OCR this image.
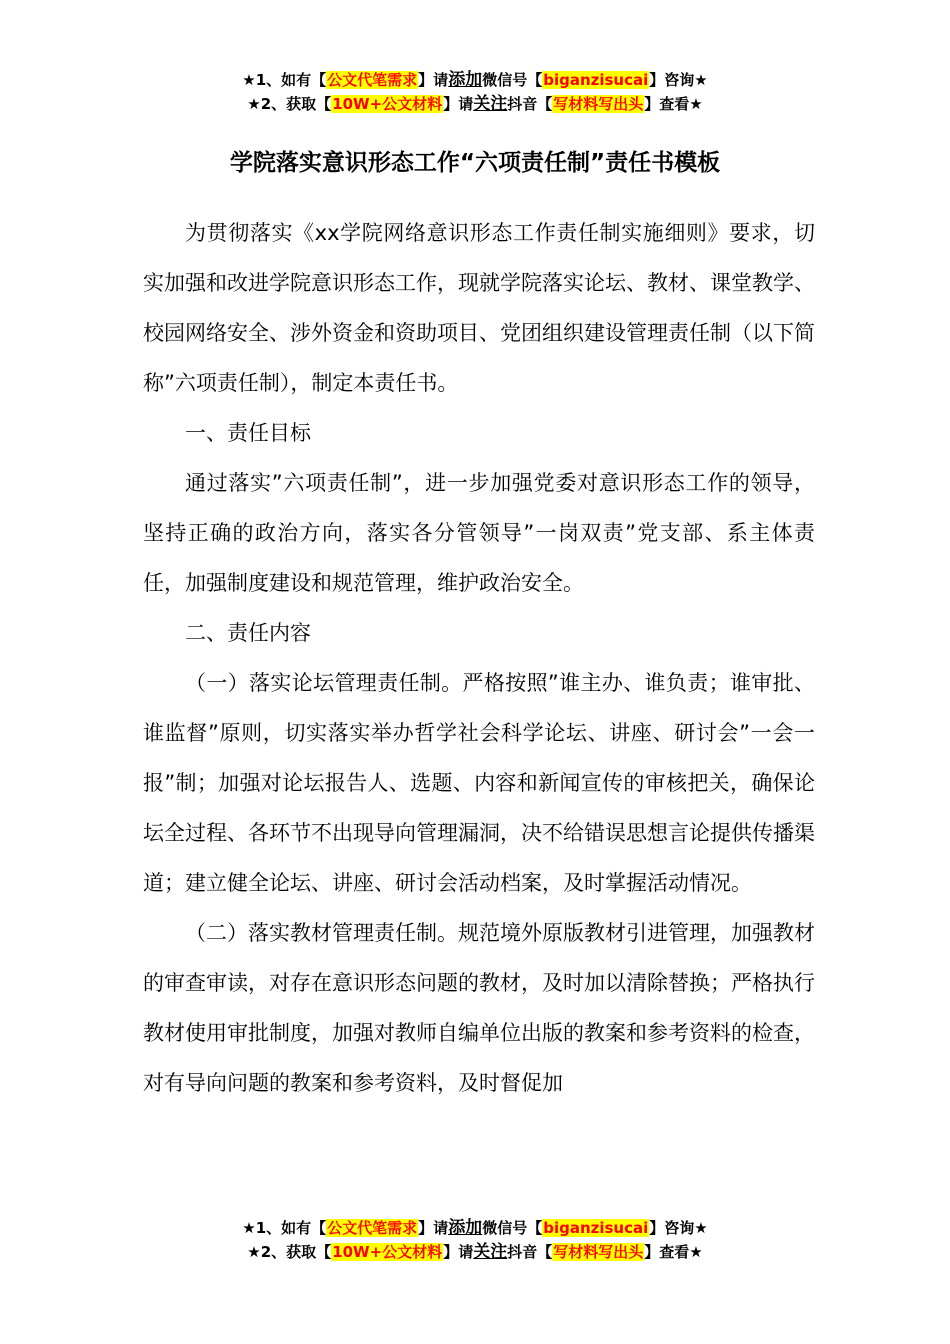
★1、如有【公文代笔需求】请添加微信号【biganzisucai】咨询★
★2、获取【10W+公文材料】请关注抖音【写材料写出头】查看★
学院落实意识形态工作“六项责任制”责任书模板

为贯彻落实《xx学院网络意识形态工作责任制实施细则》要求，切实加强和改进学院意识形态工作，现就学院落实论坛、教材、课堂教学、校园网络安全、涉外资金和资助项目、党团组织建设管理责任制（以下简称”六项责任制），制定本责任书。

一、责任目标

通过落实”六项责任制”，进一步加强党委对意识形态工作的领导，坚持正确的政治方向，落实各分管领导”一岗双责”党支部、系主体责任，加强制度建设和规范管理，维护政治安全。

二、责任内容

（一）落实论坛管理责任制。严格按照”谁主办、谁负责；谁审批、谁监督”原则，切实落实举办哲学社会科学论坛、讲座、研讨会”一会一报”制；加强对论坛报告人、选题、内容和新闻宣传的审核把关，确保论坛全过程、各环节不出现导向管理漏洞，决不给错误思想言论提供传播渠道；建立健全论坛、讲座、研讨会活动档案，及时掌握活动情况。

（二）落实教材管理责任制。规范境外原版教材引进管理，加强教材的审查审读，对存在意识形态问题的教材，及时加以清除替换；严格执行教材使用审批制度，加强对教师自编单位出版的教案和参考资料的检查，对有导向问题的教案和参考资料，及时督促加

★1、如有【公文代笔需求】请添加微信号【biganzisucai】咨询★
★2、获取【10W+公文材料】请关注抖音【写材料写出头】查看★
